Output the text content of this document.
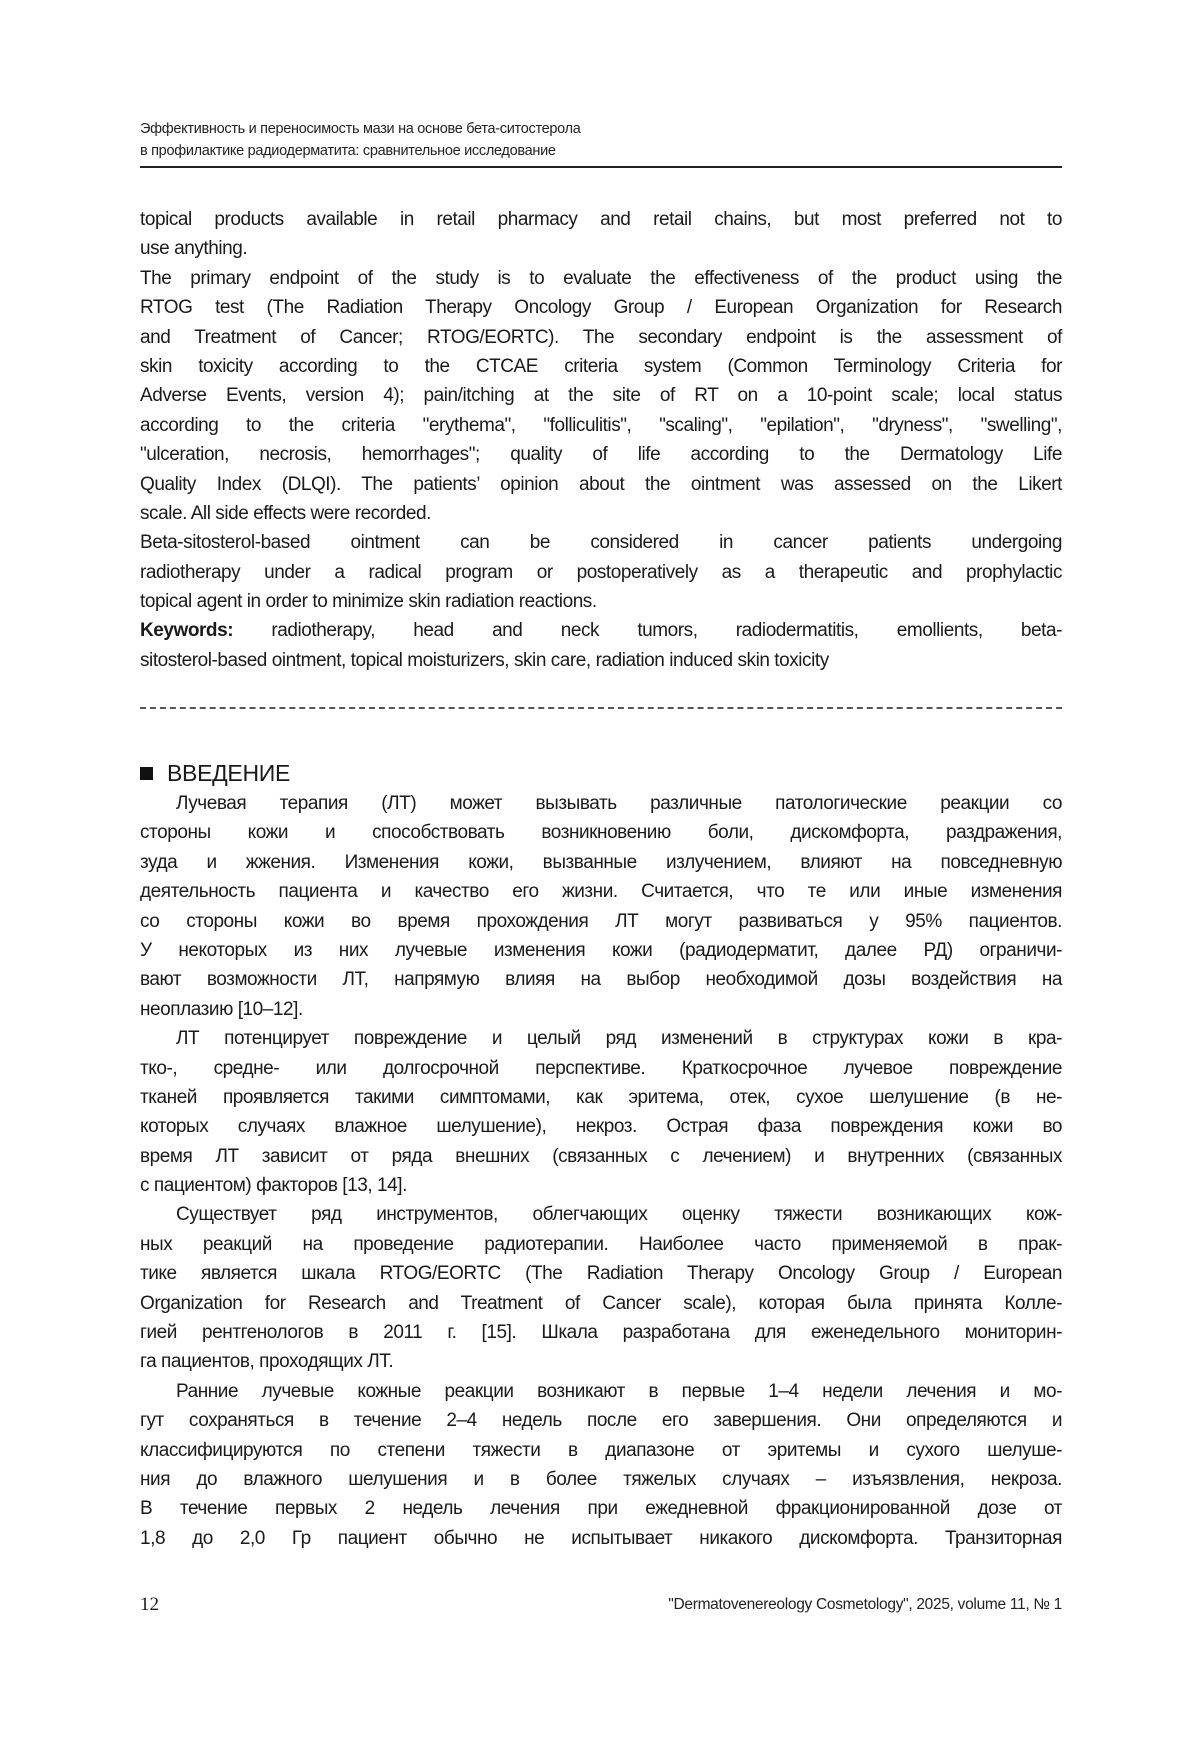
Эффективность и переносимость мази на основе бета-ситостерола
в профилактике радиодерматита: сравнительное исследование
topical products available in retail pharmacy and retail chains, but most preferred not to
use anything.
The primary endpoint of the study is to evaluate the effectiveness of the product using the
RTOG test (The Radiation Therapy Oncology Group / European Organization for Research
and Treatment of Cancer; RTOG/EORTC). The secondary endpoint is the assessment of
skin toxicity according to the CTCAE criteria system (Common Terminology Criteria for
Adverse Events, version 4); pain/itching at the site of RT on a 10-point scale; local status
according to the criteria "erythema", "folliculitis", "scaling", "epilation", "dryness", "swelling",
"ulceration, necrosis, hemorrhages"; quality of life according to the Dermatology Life
Quality Index (DLQI). The patients’ opinion about the ointment was assessed on the Likert
scale. All side effects were recorded.
Beta-sitosterol-based ointment can be considered in cancer patients undergoing
radiotherapy under a radical program or postoperatively as a therapeutic and prophylactic
topical agent in order to minimize skin radiation reactions.
Keywords: radiotherapy, head and neck tumors, radiodermatitis, emollients, beta-
sitosterol-based ointment, topical moisturizers, skin care, radiation induced skin toxicity
ВВЕДЕНИЕ
Лучевая терапия (ЛТ) может вызывать различные патологические реакции со
стороны кожи и способствовать возникновению боли, дискомфорта, раздражения,
зуда и жжения. Изменения кожи, вызванные излучением, влияют на повседневную
деятельность пациента и качество его жизни. Считается, что те или иные изменения
со стороны кожи во время прохождения ЛТ могут развиваться у 95% пациентов.
У некоторых из них лучевые изменения кожи (радиодерматит, далее РД) ограничи-
вают возможности ЛТ, напрямую влияя на выбор необходимой дозы воздействия на
неоплазию [10–12].
ЛТ потенцирует повреждение и целый ряд изменений в структурах кожи в кра-
тко-, средне- или долгосрочной перспективе. Краткосрочное лучевое повреждение
тканей проявляется такими симптомами, как эритема, отек, сухое шелушение (в не-
которых случаях влажное шелушение), некроз. Острая фаза повреждения кожи во
время ЛТ зависит от ряда внешних (связанных с лечением) и внутренних (связанных
с пациентом) факторов [13, 14].
Существует ряд инструментов, облегчающих оценку тяжести возникающих кож-
ных реакций на проведение радиотерапии. Наиболее часто применяемой в прак-
тике является шкала RTOG/EORTC (The Radiation Therapy Oncology Group / European
Organization for Research and Treatment of Cancer scale), которая была принята Колле-
гией рентгенологов в 2011 г. [15]. Шкала разработана для еженедельного мониторин-
га пациентов, проходящих ЛТ.
Ранние лучевые кожные реакции возникают в первые 1–4 недели лечения и мо-
гут сохраняться в течение 2–4 недель после его завершения. Они определяются и
классифицируются по степени тяжести в диапазоне от эритемы и сухого шелуше-
ния до влажного шелушения и в более тяжелых случаях – изъязвления, некроза.
В течение первых 2 недель лечения при ежедневной фракционированной дозе от
1,8 до 2,0 Гр пациент обычно не испытывает никакого дискомфорта. Транзиторная
12	"Dermatovenereology Cosmetology", 2025, volume 11, № 1
